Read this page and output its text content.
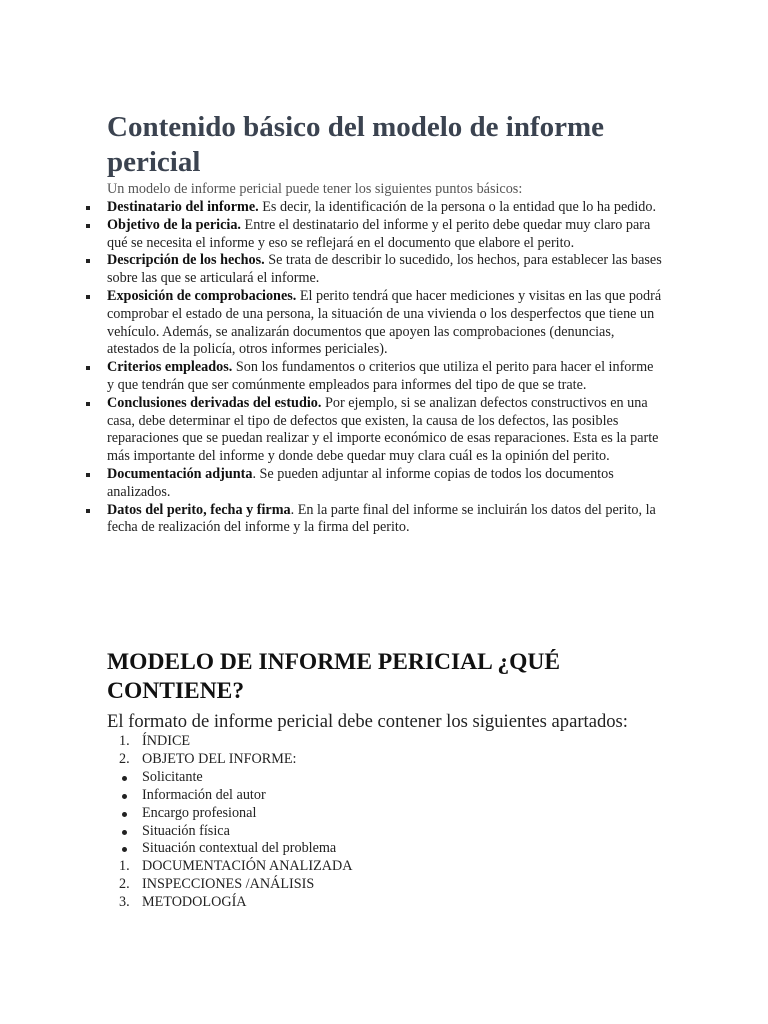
Contenido básico del modelo de informe pericial

Un modelo de informe pericial puede tener los siguientes puntos básicos:

Destinatario del informe. Es decir, la identificación de la persona o la entidad que lo ha pedido.
Objetivo de la pericia. Entre el destinatario del informe y el perito debe quedar muy claro para qué se necesita el informe y eso se reflejará en el documento que elabore el perito.
Descripción de los hechos. Se trata de describir lo sucedido, los hechos, para establecer las bases sobre las que se articulará el informe.
Exposición de comprobaciones. El perito tendrá que hacer mediciones y visitas en las que podrá comprobar el estado de una persona, la situación de una vivienda o los desperfectos que tiene un vehículo. Además, se analizarán documentos que apoyen las comprobaciones (denuncias, atestados de la policía, otros informes periciales).
Criterios empleados. Son los fundamentos o criterios que utiliza el perito para hacer el informe y que tendrán que ser comúnmente empleados para informes del tipo de que se trate.
Conclusiones derivadas del estudio. Por ejemplo, si se analizan defectos constructivos en una casa, debe determinar el tipo de defectos que existen, la causa de los defectos, las posibles reparaciones que se puedan realizar y el importe económico de esas reparaciones. Esta es la parte más importante del informe y donde debe quedar muy clara cuál es la opinión del perito.
Documentación adjunta. Se pueden adjuntar al informe copias de todos los documentos analizados.
Datos del perito, fecha y firma. En la parte final del informe se incluirán los datos del perito, la fecha de realización del informe y la firma del perito.
MODELO DE INFORME PERICIAL ¿QUÉ CONTIENE?

El formato de informe pericial debe contener los siguientes apartados:

1. ÍNDICE
2. OBJETO DEL INFORME:
Solicitante
Información del autor
Encargo profesional
Situación física
Situación contextual del problema
1. DOCUMENTACIÓN ANALIZADA
2. INSPECCIONES /ANÁLISIS
3. METODOLOGÍA
